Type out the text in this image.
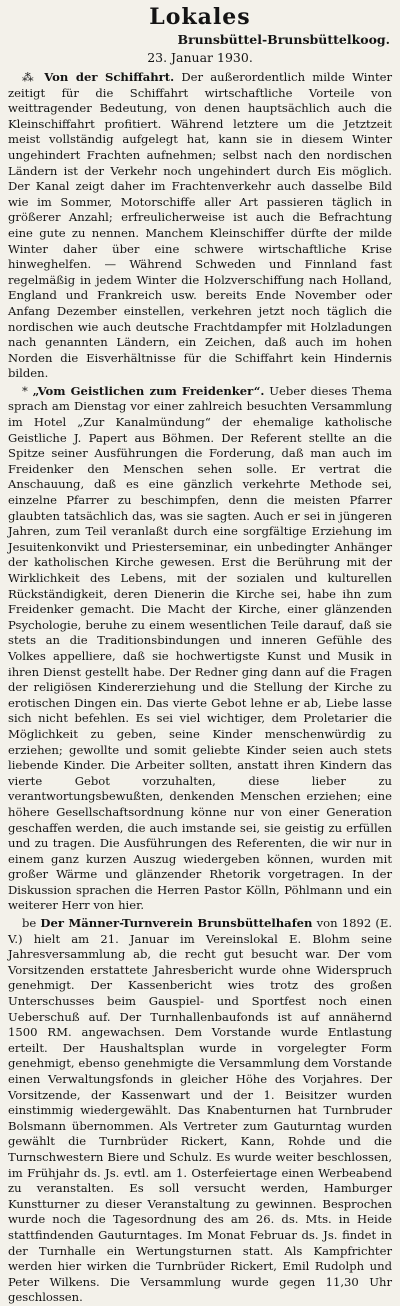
Lokales
Brunsbüttel-Brunsbüttelkoog.
23. Januar 1930.

⁂ Von der Schiffahrt. Der außerordentlich milde Winter zeitigt für die Schiffahrt wirtschaftliche Vorteile von weittragender Bedeutung, von denen hauptsächlich auch die Kleinschiffahrt profitiert. Während letztere um die Jetztzeit meist vollständig aufgelegt hat, kann sie in diesem Winter ungehindert Frachten aufnehmen; selbst nach den nordischen Ländern ist der Verkehr noch ungehindert durch Eis möglich. Der Kanal zeigt daher im Frachtenverkehr auch dasselbe Bild wie im Sommer, Motorschiffe aller Art passieren täglich in größerer Anzahl; erfreulicherweise ist auch die Befrachtung eine gute zu nennen. Manchem Kleinschiffer dürfte der milde Winter daher über eine schwere wirtschaftliche Krise hinweghelfen. — Während Schweden und Finnland fast regelmäßig in jedem Winter die Holzverschiffung nach Holland, England und Frankreich usw. bereits Ende November oder Anfang Dezember einstellen, verkehren jetzt noch täglich die nordischen wie auch deutsche Frachtdampfer mit Holzladungen nach genannten Ländern, ein Zeichen, daß auch im hohen Norden die Eisverhältnisse für die Schiffahrt kein Hindernis bilden.

* „Vom Geistlichen zum Freidenker“. Ueber dieses Thema sprach am Dienstag vor einer zahlreich besuchten Versammlung im Hotel „Zur Kanalmündung“ der ehemalige katholische Geistliche J. Papert aus Böhmen. Der Referent stellte an die Spitze seiner Ausführungen die Forderung, daß man auch im Freidenker den Menschen sehen solle. Er vertrat die Anschauung, daß es eine gänzlich verkehrte Methode sei, einzelne Pfarrer zu beschimpfen, denn die meisten Pfarrer glaubten tatsächlich das, was sie sagten. Auch er sei in jüngeren Jahren, zum Teil veranlaßt durch eine sorgfältige Erziehung im Jesuitenkonvikt und Priesterseminar, ein unbedingter Anhänger der katholischen Kirche gewesen. Erst die Berührung mit der Wirklichkeit des Lebens, mit der sozialen und kulturellen Rückständigkeit, deren Dienerin die Kirche sei, habe ihn zum Freidenker gemacht. Die Macht der Kirche, einer glänzenden Psychologie, beruhe zu einem wesentlichen Teile darauf, daß sie stets an die Traditionsbindungen und inneren Gefühle des Volkes appelliere, daß sie hochwertigste Kunst und Musik in ihren Dienst gestellt habe. Der Redner ging dann auf die Fragen der religiösen Kindererziehung und die Stellung der Kirche zu erotischen Dingen ein. Das vierte Gebot lehne er ab, Liebe lasse sich nicht befehlen. Es sei viel wichtiger, dem Proletarier die Möglichkeit zu geben, seine Kinder menschenwürdig zu erziehen; gewollte und somit geliebte Kinder seien auch stets liebende Kinder. Die Arbeiter sollten, anstatt ihren Kindern das vierte Gebot vorzuhalten, diese lieber zu verantwortungsbewußten, denkenden Menschen erziehen; eine höhere Gesellschaftsordnung könne nur von einer Generation geschaffen werden, die auch imstande sei, sie geistig zu erfüllen und zu tragen. Die Ausführungen des Referenten, die wir nur in einem ganz kurzen Auszug wiedergeben können, wurden mit großer Wärme und glänzender Rhetorik vorgetragen. In der Diskussion sprachen die Herren Pastor Kölln, Pöhlmann und ein weiterer Herr von hier.

be Der Männer-Turnverein Brunsbüttelhafen von 1892 (E. V.) hielt am 21. Januar im Vereinslokal E. Blohm seine Jahresversammlung ab, die recht gut besucht war. Der vom Vorsitzenden erstattete Jahresbericht wurde ohne Widerspruch genehmigt. Der Kassenbericht wies trotz des großen Unterschusses beim Gauspiel- und Sportfest noch einen Ueberschuß auf. Der Turnhallenbaufonds ist auf annähernd 1500 RM. angewachsen. Dem Vorstande wurde Entlastung erteilt. Der Haushaltsplan wurde in vorgelegter Form genehmigt, ebenso genehmigte die Versammlung dem Vorstande einen Verwaltungsfonds in gleicher Höhe des Vorjahres. Der Vorsitzende, der Kassenwart und der 1. Beisitzer wurden einstimmig wiedergewählt. Das Knabenturnen hat Turnbruder Bolsmann übernommen. Als Vertreter zum Gauturntag wurden gewählt die Turnbrüder Rickert, Kann, Rohde und die Turnschwestern Biere und Schulz. Es wurde weiter beschlossen, im Frühjahr ds. Js. evtl. am 1. Osterfeiertage einen Werbeabend zu veranstalten. Es soll versucht werden, Hamburger Kunstturner zu dieser Veranstaltung zu gewinnen. Besprochen wurde noch die Tagesordnung des am 26. ds. Mts. in Heide stattfindenden Gauturntages. Im Monat Februar ds. Js. findet in der Turnhalle ein Wertungsturnen statt. Als Kampfrichter werden hier wirken die Turnbrüder Rickert, Emil Rudolph und Peter Wilkens. Die Versammlung wurde gegen 11,30 Uhr geschlossen.
